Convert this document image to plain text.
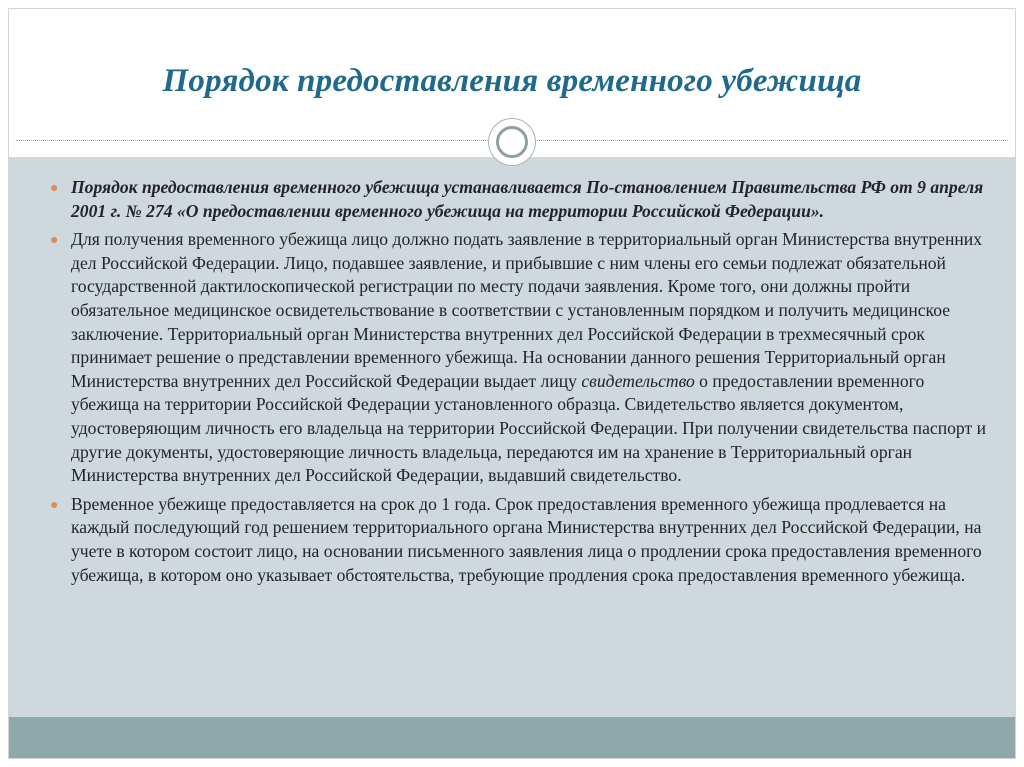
Порядок предоставления временного убежища
● Порядок предоставления временного убежища устанавливается По-становлением Правительства РФ от 9 апреля 2001 г. № 274 «О предоставлении временного убежища на территории Российской Федерации».
● Для получения временного убежища лицо должно подать заявление в территориальный орган Министерства внутренних дел Российской Федерации. Лицо, подавшее заявление, и прибывшие с ним члены его семьи подлежат обязательной государственной дактилоскопической регистрации по месту подачи заявления. Кроме того, они должны пройти обязательное медицинское освидетельствование в соответствии с установленным порядком и получить медицинское заключение. Территориальный орган Министерства внутренних дел Российской Федерации в трехмесячный срок принимает решение о представлении временного убежища. На основании данного решения Территориальный орган Министерства внутренних дел Российской Федерации выдает лицу свидетельство о предоставлении временного убежища на территории Российской Федерации установленного образца. Свидетельство является документом, удостоверяющим личность его владельца на территории Российской Федерации. При получении свидетельства паспорт и другие документы, удостоверяющие личность владельца, передаются им на хранение в Территориальный орган Министерства внутренних дел Российской Федерации, выдавший свидетельство.
● Временное убежище предоставляется на срок до 1 года. Срок предоставления временного убежища продлевается на каждый последующий год решением территориального органа Министерства внутренних дел Российской Федерации, на учете в котором состоит лицо, на основании письменного заявления лица о продлении срока предоставления временного убежища, в котором оно указывает обстоятельства, требующие продления срока предоставления временного убежища.
